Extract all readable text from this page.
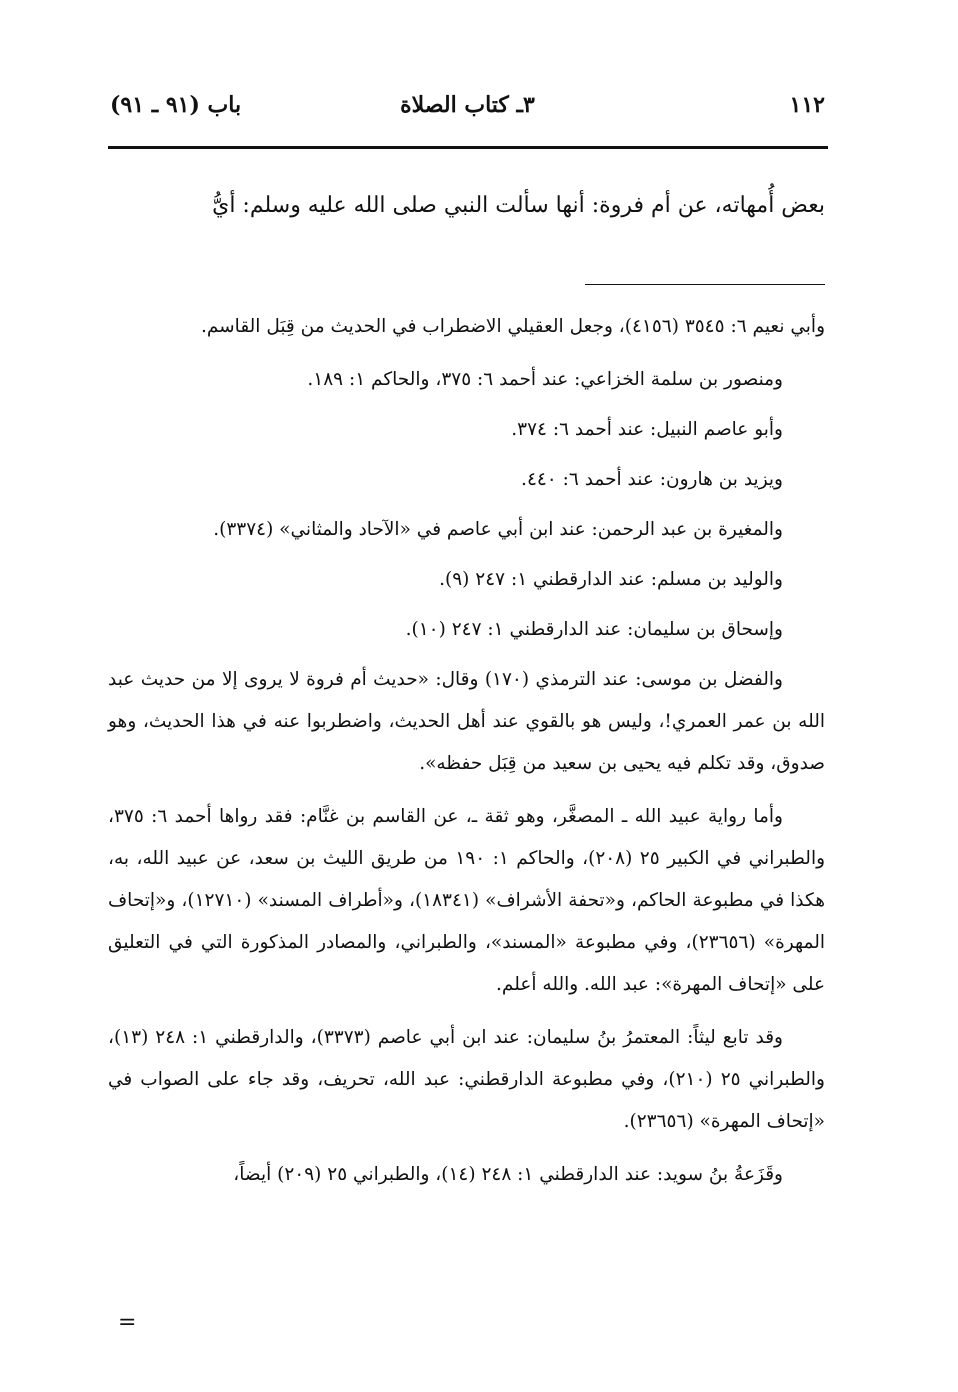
١١٢
٣ـ كتاب الصلاة
باب (٩١ ـ ٩١)
بعض أُمهاته، عن أم فروة: أنها سألت النبي صلى الله عليه وسلم: أيُّ

وأبي نعيم ٦: ٣٥٤٥ (٤١٥٦)، وجعل العقيلي الاضطراب في الحديث من قِبَل القاسم.

ومنصور بن سلمة الخزاعي: عند أحمد ٦: ٣٧٥، والحاكم ١: ١٨٩.

وأبو عاصم النبيل: عند أحمد ٦: ٣٧٤.

ويزيد بن هارون: عند أحمد ٦: ٤٤٠.

والمغيرة بن عبد الرحمن: عند ابن أبي عاصم في «الآحاد والمثاني» (٣٣٧٤).

والوليد بن مسلم: عند الدارقطني ١: ٢٤٧ (٩).

وإسحاق بن سليمان: عند الدارقطني ١: ٢٤٧ (١٠).

والفضل بن موسى: عند الترمذي (١٧٠) وقال: «حديث أم فروة لا يروى إلا من حديث عبد الله بن عمر العمري!، وليس هو بالقوي عند أهل الحديث، واضطربوا عنه في هذا الحديث، وهو صدوق، وقد تكلم فيه يحيى بن سعيد من قِبَل حفظه».

وأما رواية عبيد الله ـ المصغَّر، وهو ثقة ـ، عن القاسم بن غنَّام: فقد رواها أحمد ٦: ٣٧٥، والطبراني في الكبير ٢٥ (٢٠٨)، والحاكم ١: ١٩٠ من طريق الليث بن سعد، عن عبيد الله، به، هكذا في مطبوعة الحاكم، و«تحفة الأشراف» (١٨٣٤١)، و«أطراف المسند» (١٢٧١٠)، و«إتحاف المهرة» (٢٣٦٥٦)، وفي مطبوعة «المسند»، والطبراني، والمصادر المذكورة التي في التعليق على «إتحاف المهرة»: عبد الله. والله أعلم.

وقد تابع ليثاً: المعتمرُ بنُ سليمان: عند ابن أبي عاصم (٣٣٧٣)، والدارقطني ١: ٢٤٨ (١٣)، والطبراني ٢٥ (٢١٠)، وفي مطبوعة الدارقطني: عبد الله، تحريف، وقد جاء على الصواب في «إتحاف المهرة» (٢٣٦٥٦).

وقَزَعةُ بنُ سويد: عند الدارقطني ١: ٢٤٨ (١٤)، والطبراني ٢٥ (٢٠٩) أيضاً،

=
